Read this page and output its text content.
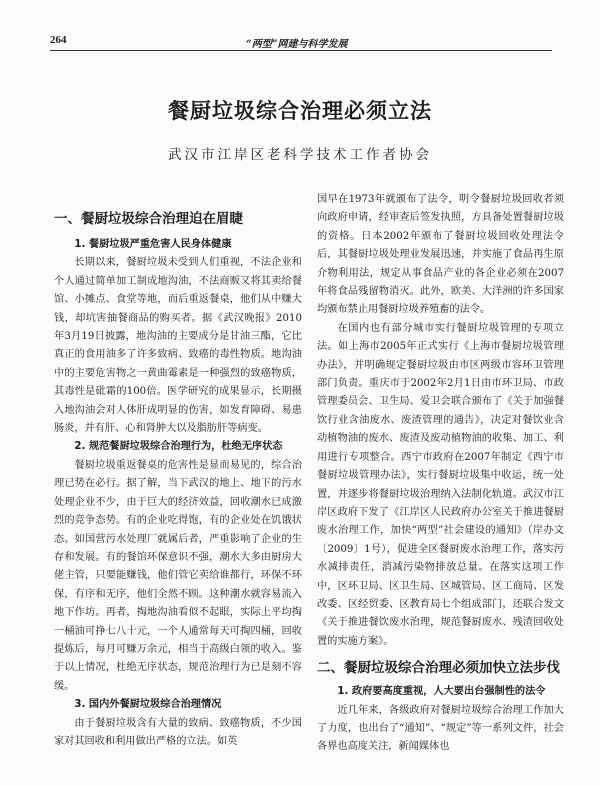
264	“两型”网建与科学发展
餐厨垃圾综合治理必须立法
武汉市江岸区老科学技术工作者协会
一、餐厨垃圾综合治理迫在眉睫

1. 餐厨垃圾严重危害人民身体健康

长期以来，餐厨垃圾未受到人们重视，不法企业和个人通过简单加工制成地沟油，不法商贩又将其卖给餐馆、小摊点、食堂等地，而后重返餐桌，他们从中赚大钱，却坑害抽餐商品的购买者。据《武汉晚报》2010年3月19日披露，地沟油的主要成分是甘油三酯，它比真正的食用油多了许多致病、致癌的毒性物质。地沟油中的主要危害物之一黄曲霉素是一种强烈的致癌物质，其毒性是砒霜的100倍。医学研究的成果显示，长期摄入地沟油会对人体肝成明显的伤害，如发育障碍、易患肠炎，并有肝、心和肾肿大以及脂肪肝等病变。

2. 规范餐厨垃圾综合治理行为，杜绝无序状态

餐厨垃圾重返餐桌的危害性是显而易见的，综合治理已势在必行。据了解，当下武汉的地上、地下的污水处理企业不少，由于巨大的经济效益，回收潮水已成激烈的竞争态势。有的企业吃得饱，有的企业处在饥饿状态。如国营污水处理厂就属后者，严重影响了企业的生存和发展。有的餐馆环保意识不强，潮水大多由厨房大佬主管，只要能赚钱，他们管它卖给谁都行，环保不环保，有序和无序，他们全然不顾。这种潮水就容易流入地下作坊。再者，掏地沟油看似不起眼，实际上平均掏一桶油可挣七八十元，一个人通常每天可掏四桶，回收提炼后，每月可赚万余元，相当于高级白领的收入。鉴于以上情况，杜绝无序状态，规范治理行为已是刻不容缓。

3. 国内外餐厨垃圾综合治理情况

由于餐厨垃圾含有大量的致病、致癌物质，不少国家对其回收和利用做出严格的立法。如英

国早在1973年就颁布了法令，明令餐厨垃圾回收者须向政府申请，经审查后签发执照，方具备处置餐厨垃圾的资格。日本2002年颁布了餐厨垃圾回收处理法令后，其餐厨垃圾处理业发展迅速，并实施了食品再生原介物利用法，规定从事食品产业的各企业必须在2007年将食品残留物消灭。此外，欧美、大洋洲的许多国家均颁布禁止用餐厨垃圾养殖畜的法令。

在国内也有部分城市实行餐厨垃圾管理的专项立法。如上海市2005年正式实行《上海市餐厨垃圾管理办法》，并明确规定餐厨垃圾由市区两级市容环卫管理部门负责。重庆市于2002年2月1日由市环卫局、市政管理委员会、卫生局、爱卫会联合颁布了《关于加强餐饮行业含油废水、废渣管理的通告》，决定对餐饮业含动植物油的废水、废渣及废动植物油的收集、加工、利用进行专项整合。西宁市政府在2007年制定《西宁市餐厨垃圾管理办法》，实行餐厨垃圾集中收运，统一处置，并逐步将餐厨垃圾治理纳入法制化轨道。武汉市江岸区政府下发了《江岸区人民政府办公室关于推进餐厨废水治理工作，加快“两型”社会建设的通知》（岸办文〔2009〕1号），促进全区餐厨废水治理工作，落实污水减排责任，消减污染物排放总量。在落实这项工作中，区环卫局、区卫生局、区城管局、区工商局、区发改委、区经贸委、区教育局七个组成部门，还联合发文《关于推进餐饮废水治理，规范餐厨废水、残渣回收处置的实施方案》。

二、餐厨垃圾综合治理必须加快立法步伐

1. 政府要高度重视，人大要出台强制性的法令

近几年来，各级政府对餐厨垃圾综合治理工作加大了力度，也出台了“通知”、“规定”等一系列文件，社会各界也高度关注，新闻媒体也
